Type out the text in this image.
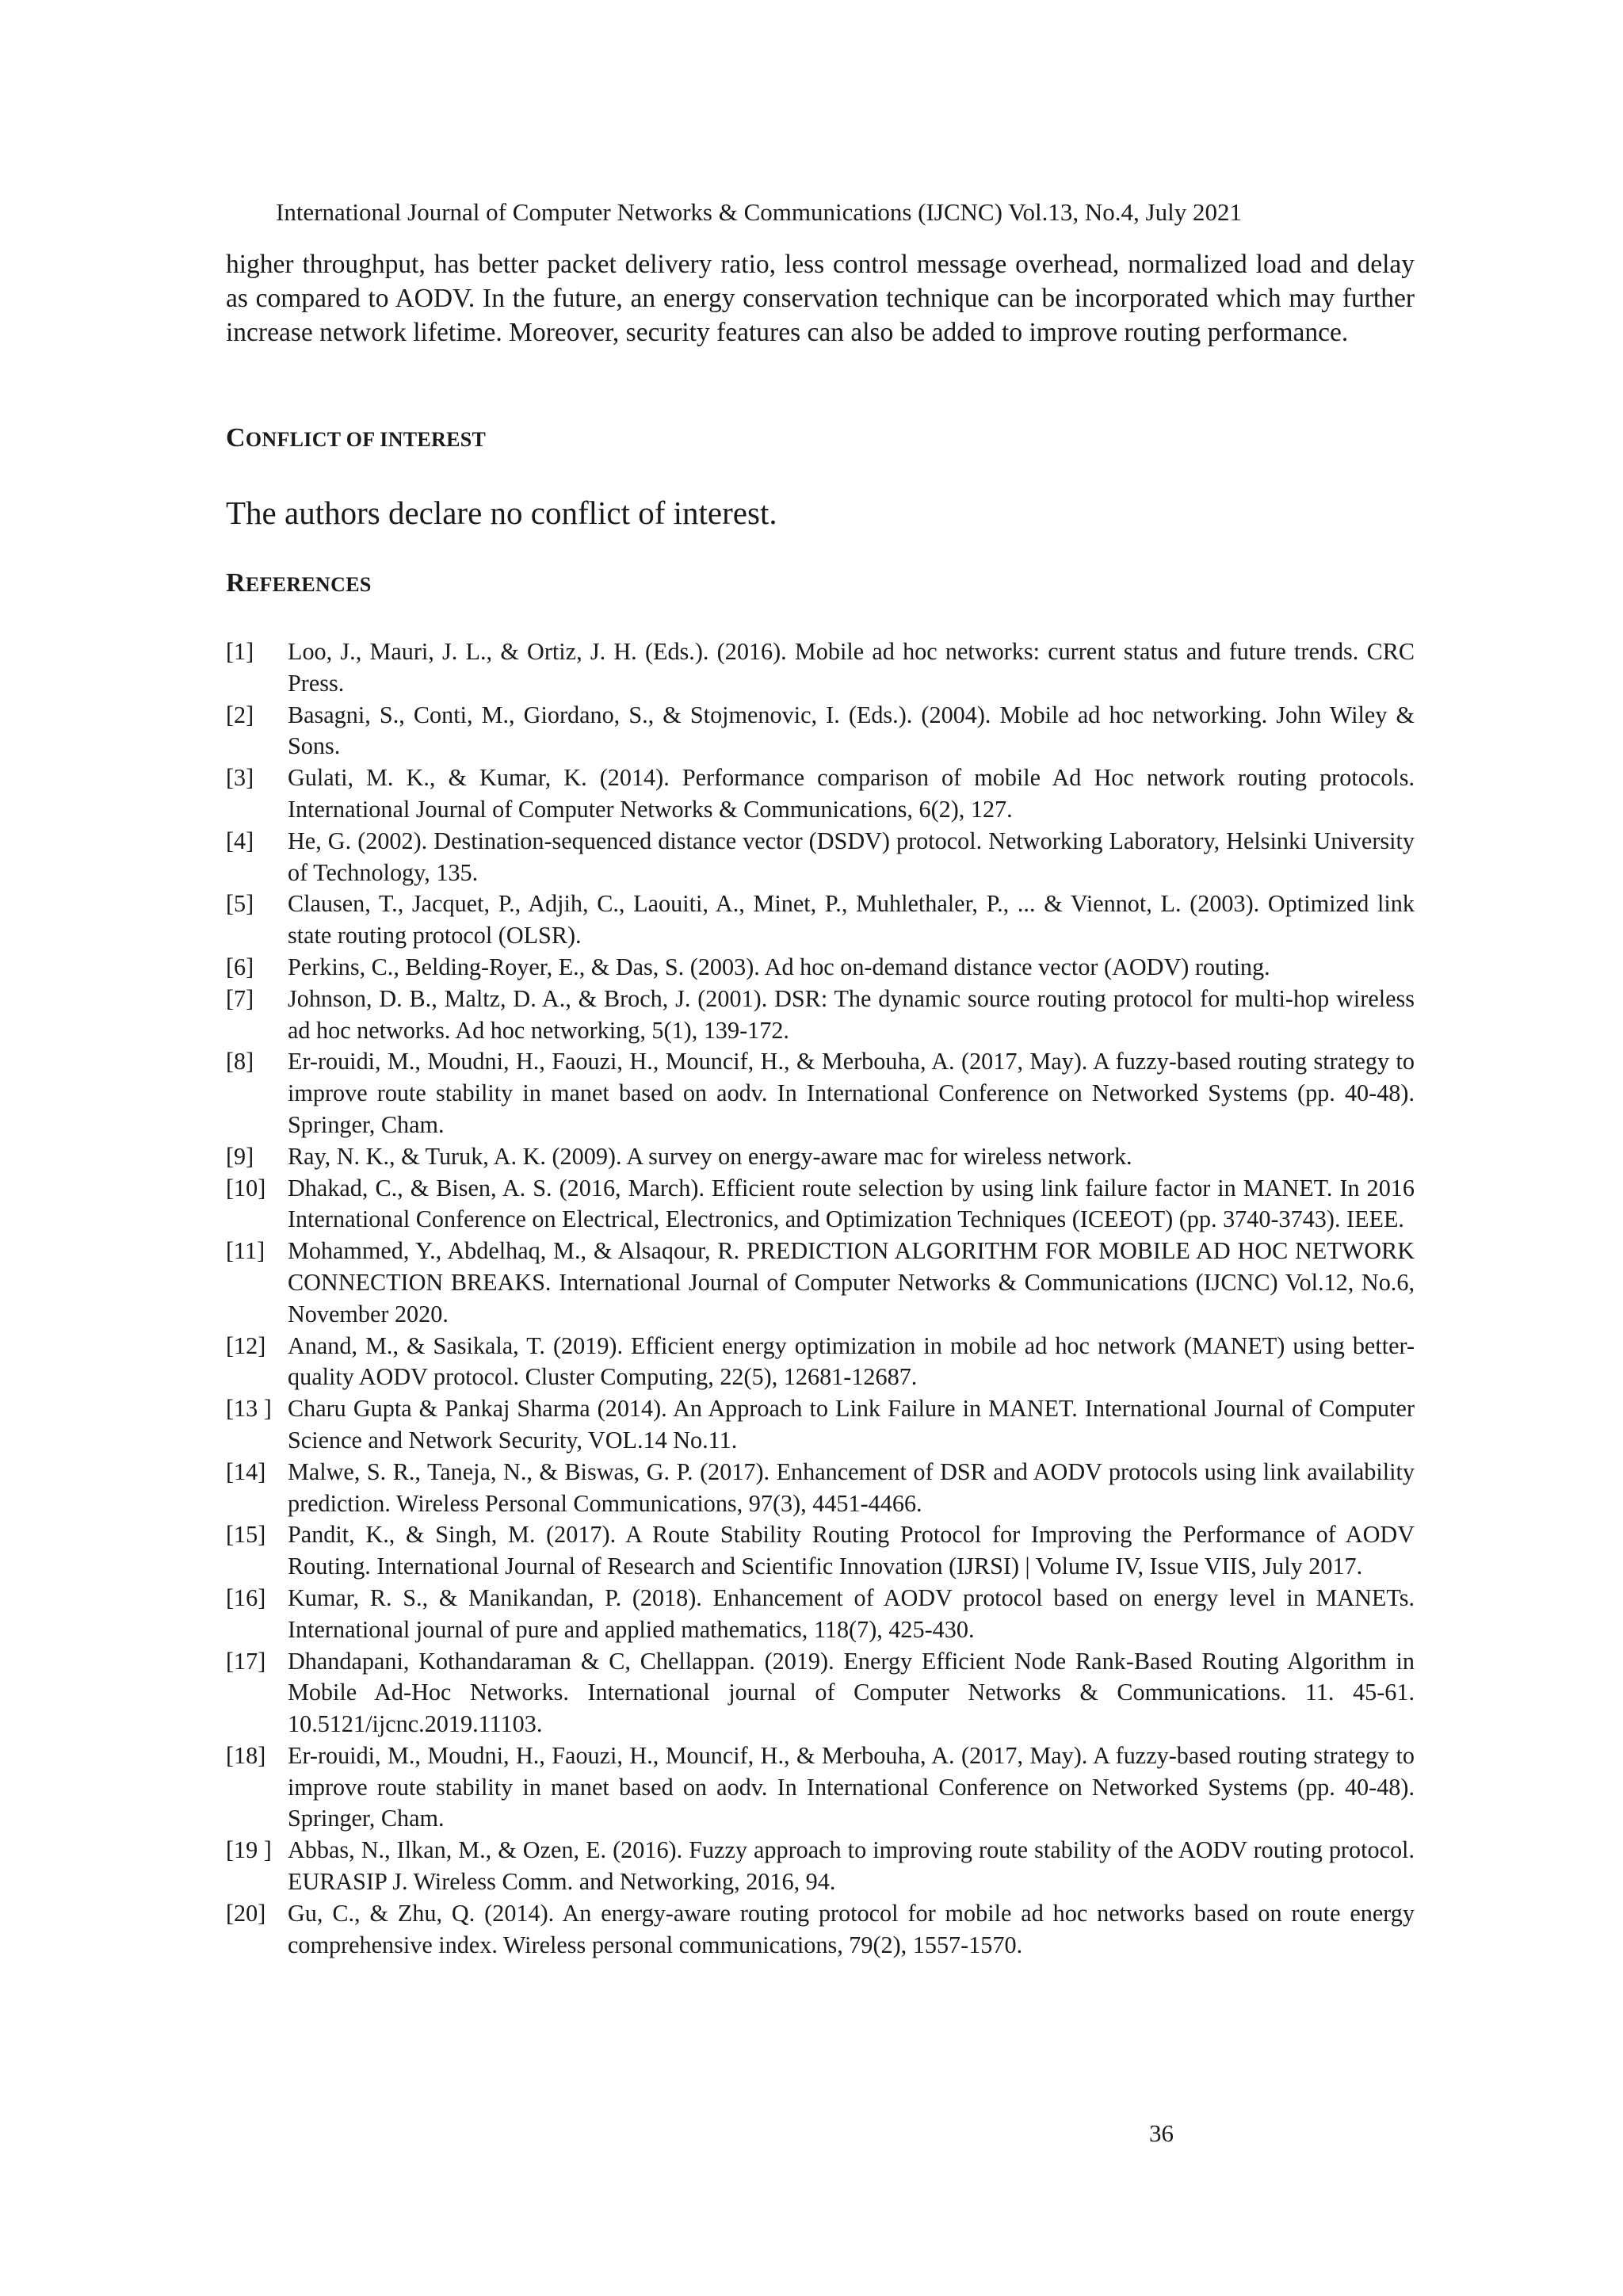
International Journal of Computer Networks & Communications (IJCNC) Vol.13, No.4, July 2021

higher throughput, has better packet delivery ratio, less control message overhead, normalized load and delay as compared to AODV. In the future, an energy conservation technique can be incorporated which may further increase network lifetime. Moreover, security features can also be added to improve routing performance.

CONFLICT OF INTEREST
The authors declare no conflict of interest.
REFERENCES
[1] Loo, J., Mauri, J. L., & Ortiz, J. H. (Eds.). (2016). Mobile ad hoc networks: current status and future trends. CRC Press.
[2] Basagni, S., Conti, M., Giordano, S., & Stojmenovic, I. (Eds.). (2004). Mobile ad hoc networking. John Wiley & Sons.
[3] Gulati, M. K., & Kumar, K. (2014). Performance comparison of mobile Ad Hoc network routing protocols. International Journal of Computer Networks & Communications, 6(2), 127.
[4] He, G. (2002). Destination-sequenced distance vector (DSDV) protocol. Networking Laboratory, Helsinki University of Technology, 135.
[5] Clausen, T., Jacquet, P., Adjih, C., Laouiti, A., Minet, P., Muhlethaler, P., ... & Viennot, L. (2003). Optimized link state routing protocol (OLSR).
[6] Perkins, C., Belding-Royer, E., & Das, S. (2003). Ad hoc on-demand distance vector (AODV) routing.
[7] Johnson, D. B., Maltz, D. A., & Broch, J. (2001). DSR: The dynamic source routing protocol for multi-hop wireless ad hoc networks. Ad hoc networking, 5(1), 139-172.
[8] Er-rouidi, M., Moudni, H., Faouzi, H., Mouncif, H., & Merbouha, A. (2017, May). A fuzzy-based routing strategy to improve route stability in manet based on aodv. In International Conference on Networked Systems (pp. 40-48). Springer, Cham.
[9] Ray, N. K., & Turuk, A. K. (2009). A survey on energy-aware mac for wireless network.
[10] Dhakad, C., & Bisen, A. S. (2016, March). Efficient route selection by using link failure factor in MANET. In 2016 International Conference on Electrical, Electronics, and Optimization Techniques (ICEEOT) (pp. 3740-3743). IEEE.
[11] Mohammed, Y., Abdelhaq, M., & Alsaqour, R. PREDICTION ALGORITHM FOR MOBILE AD HOC NETWORK CONNECTION BREAKS. International Journal of Computer Networks & Communications (IJCNC) Vol.12, No.6, November 2020.
[12] Anand, M., & Sasikala, T. (2019). Efficient energy optimization in mobile ad hoc network (MANET) using better-quality AODV protocol. Cluster Computing, 22(5), 12681-12687.
[13 ] Charu Gupta & Pankaj Sharma (2014). An Approach to Link Failure in MANET. International Journal of Computer Science and Network Security, VOL.14 No.11.
[14] Malwe, S. R., Taneja, N., & Biswas, G. P. (2017). Enhancement of DSR and AODV protocols using link availability prediction. Wireless Personal Communications, 97(3), 4451-4466.
[15] Pandit, K., & Singh, M. (2017). A Route Stability Routing Protocol for Improving the Performance of AODV Routing. International Journal of Research and Scientific Innovation (IJRSI) | Volume IV, Issue VIIS, July 2017.
[16] Kumar, R. S., & Manikandan, P. (2018). Enhancement of AODV protocol based on energy level in MANETs. International journal of pure and applied mathematics, 118(7), 425-430.
[17] Dhandapani, Kothandaraman & C, Chellappan. (2019). Energy Efficient Node Rank-Based Routing Algorithm in Mobile Ad-Hoc Networks. International journal of Computer Networks & Communications. 11. 45-61. 10.5121/ijcnc.2019.11103.
[18] Er-rouidi, M., Moudni, H., Faouzi, H., Mouncif, H., & Merbouha, A. (2017, May). A fuzzy-based routing strategy to improve route stability in manet based on aodv. In International Conference on Networked Systems (pp. 40-48). Springer, Cham.
[19 ] Abbas, N., Ilkan, M., & Ozen, E. (2016). Fuzzy approach to improving route stability of the AODV routing protocol. EURASIP J. Wireless Comm. and Networking, 2016, 94.
[20] Gu, C., & Zhu, Q. (2014). An energy-aware routing protocol for mobile ad hoc networks based on route energy comprehensive index. Wireless personal communications, 79(2), 1557-1570.
36
